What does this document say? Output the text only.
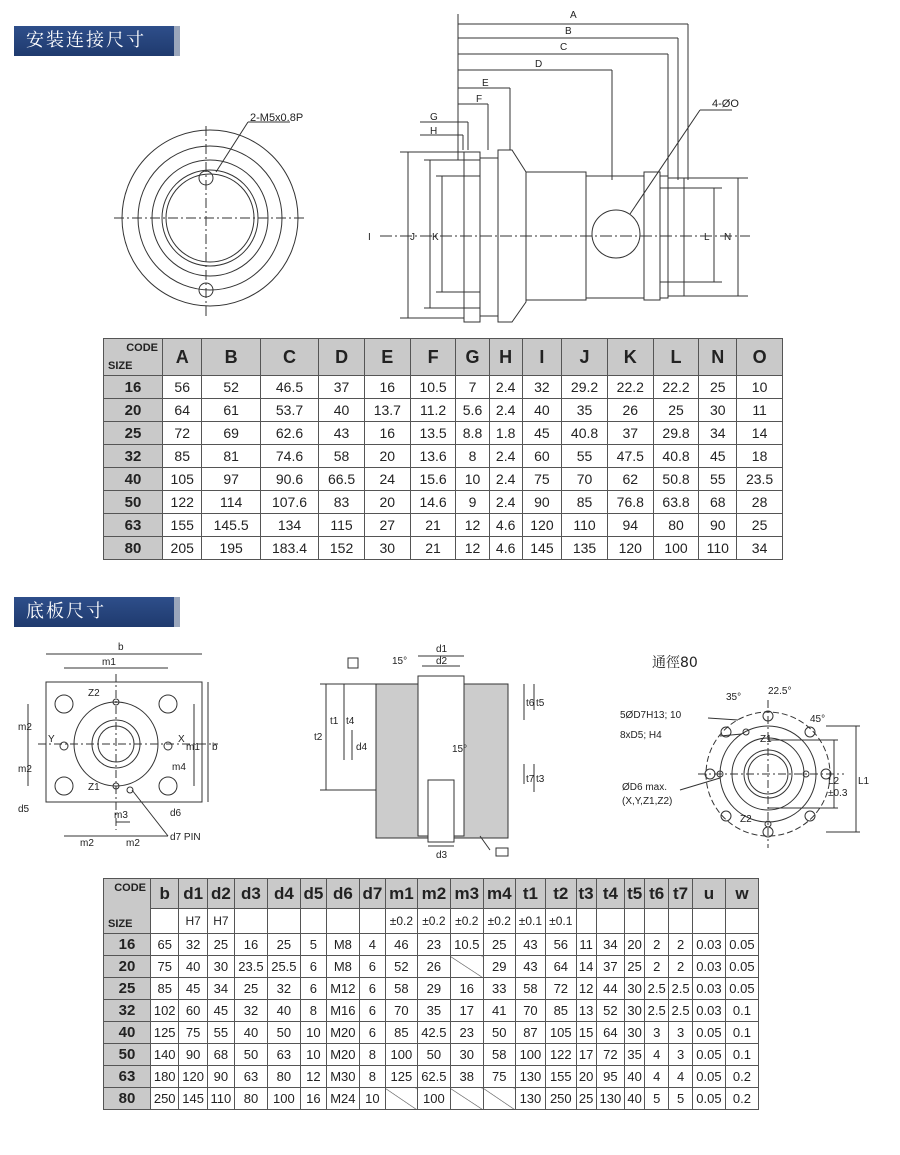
安装连接尺寸
2-M5x0.8P
A
B
C
D
E
F
G
H
I	J K	L N
4-ØO
CODE
SIZE	A	B	C	D	E	F	G	H	I	J	K	L	N	O
16	56	52	46.5	37	16	10.5	7	2.4	32	29.2	22.2	22.2	25	10
20	64	61	53.7	40	13.7	11.2	5.6	2.4	40	35	26	25	30	11
25	72	69	62.6	43	16	13.5	8.8	1.8	45	40.8	37	29.8	34	14
32	85	81	74.6	58	20	13.6	8	2.4	60	55	47.5	40.8	45	18
40	105	97	90.6	66.5	24	15.6	10	2.4	75	70	62	50.8	55	23.5
50	122	114	107.6	83	20	14.6	9	2.4	90	85	76.8	63.8	68	28
63	155	145.5	134	115	27	21	12	4.6	120	110	94	80	90	25
80	205	195	183.4	152	30	21	12	4.6	145	135	120	100	110	34
底板尺寸
b
m1
Z2
Y	X
Z1
d5
m3	d6
m2	m2
d7 PIN
b
m1
m4
m2
m2
d1
d2
15°
t1
t2
t4
d4	15°
t6 t5
t7 t3
d3
通徑80
35°
22.5°
45°
5ØD7H13; 10
8xD5; H4	Z1
ØD6 max.
(X,Y,Z1,Z2)
Z2
L2
±0.3
L1
CODE
SIZE	b	d1	d2	d3	d4	d5	d6	d7	m1	m2	m3	m4	t1	t2	t3	t4	t5	t6	t7	u	w
		H7	H7						±0.2	±0.2	±0.2	±0.2	±0.1	±0.1							
16	65	32	25	16	25	5	M8	4	46	23	10.5	25	43	56	11	34	20	2	2	0.03	0.05
20	75	40	30	23.5	25.5	6	M8	6	52	26		29	43	64	14	37	25	2	2	0.03	0.05
25	85	45	34	25	32	6	M12	6	58	29	16	33	58	72	12	44	30	2.5	2.5	0.03	0.05
32	102	60	45	32	40	8	M16	6	70	35	17	41	70	85	13	52	30	2.5	2.5	0.03	0.1
40	125	75	55	40	50	10	M20	6	85	42.5	23	50	87	105	15	64	30	3	3	0.05	0.1
50	140	90	68	50	63	10	M20	8	100	50	30	58	100	122	17	72	35	4	3	0.05	0.1
63	180	120	90	63	80	12	M30	8	125	62.5	38	75	130	155	20	95	40	4	4	0.05	0.2
80	250	145	110	80	100	16	M24	10		100			130	250	25	130	40	5	5	0.05	0.2
